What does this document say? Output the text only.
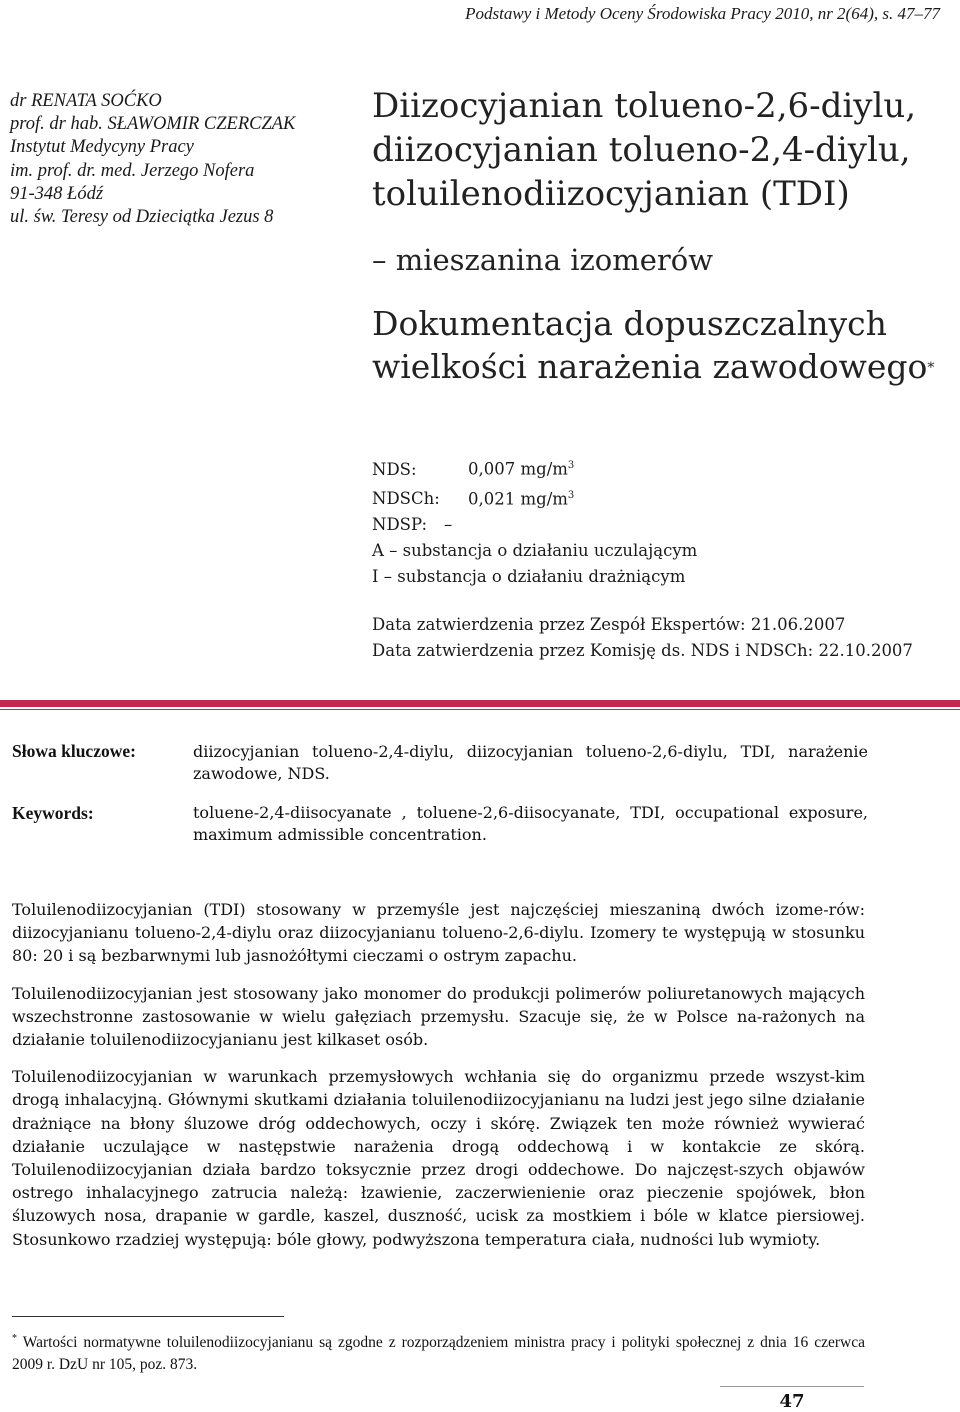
Podstawy i Metody Oceny Środowiska Pracy 2010, nr 2(64), s. 47–77
dr RENATA SOĆKO
prof. dr hab. SŁAWOMIR CZERCZAK
Instytut Medycyny Pracy
im. prof. dr. med. Jerzego Nofera
91-348 Łódź
ul. św. Teresy od Dzieciątka Jezus 8
Diizocyjanian tolueno-2,6-diylu,
diizocyjanian tolueno-2,4-diylu,
toluilenodiizocyjanian (TDI)
– mieszanina izomerów
Dokumentacja dopuszczalnych
wielkości narażenia zawodowego*
NDS:	0,007 $mg/m^3$
NDSCh: 0,021 $mg/m^3$
NDSP: –
A – substancja o działaniu uczulającym
I – substancja o działaniu drażniącym
Data zatwierdzenia przez Zespół Ekspertów: 21.06.2007
Data zatwierdzenia przez Komisję ds. NDS i NDSCh: 22.10.2007
Słowa kluczowe:	diizocyjanian tolueno-2,4-diylu, diizocyjanian tolueno-2,6-diylu, TDI, narażenie zawodowe, NDS.
Keywords:	toluene-2,4-diisocyanate , toluene-2,6-diisocyanate, TDI, occupational exposure, maximum admissible concentration.

Toluilenodiizocyjanian (TDI) stosowany w przemyśle jest najczęściej mieszaniną dwóch izome-rów: diizocyjanianu tolueno-2,4-diylu oraz diizocyjanianu tolueno-2,6-diylu. Izomery te występują w stosunku 80: 20 i są bezbarwnymi lub jasnożółtymi cieczami o ostrym zapachu.

Toluilenodiizocyjanian jest stosowany jako monomer do produkcji polimerów poliuretanowych mających wszechstronne zastosowanie w wielu gałęziach przemysłu. Szacuje się, że w Polsce na-rażonych na działanie toluilenodiizocyjanianu jest kilkaset osób.

Toluilenodiizocyjanian w warunkach przemysłowych wchłania się do organizmu przede wszyst-kim drogą inhalacyjną. Głównymi skutkami działania toluilenodiizocyjanianu na ludzi jest jego silne działanie drażniące na błony śluzowe dróg oddechowych, oczy i skórę. Związek ten może również wywierać działanie uczulające w następstwie narażenia drogą oddechową i w kontakcie ze skórą. Toluilenodiizocyjanian działa bardzo toksycznie przez drogi oddechowe. Do najczęst-szych objawów ostrego inhalacyjnego zatrucia należą: łzawienie, zaczerwienienie oraz pieczenie spojówek, błon śluzowych nosa, drapanie w gardle, kaszel, duszność, ucisk za mostkiem i bóle w klatce piersiowej. Stosunkowo rzadziej występują: bóle głowy, podwyższona temperatura ciała, nudności lub wymioty.

* Wartości normatywne toluilenodiizocyjanianu są zgodne z rozporządzeniem ministra pracy i polityki społecznej z dnia 16 czerwca 2009 r. DzU nr 105, poz. 873.
47
